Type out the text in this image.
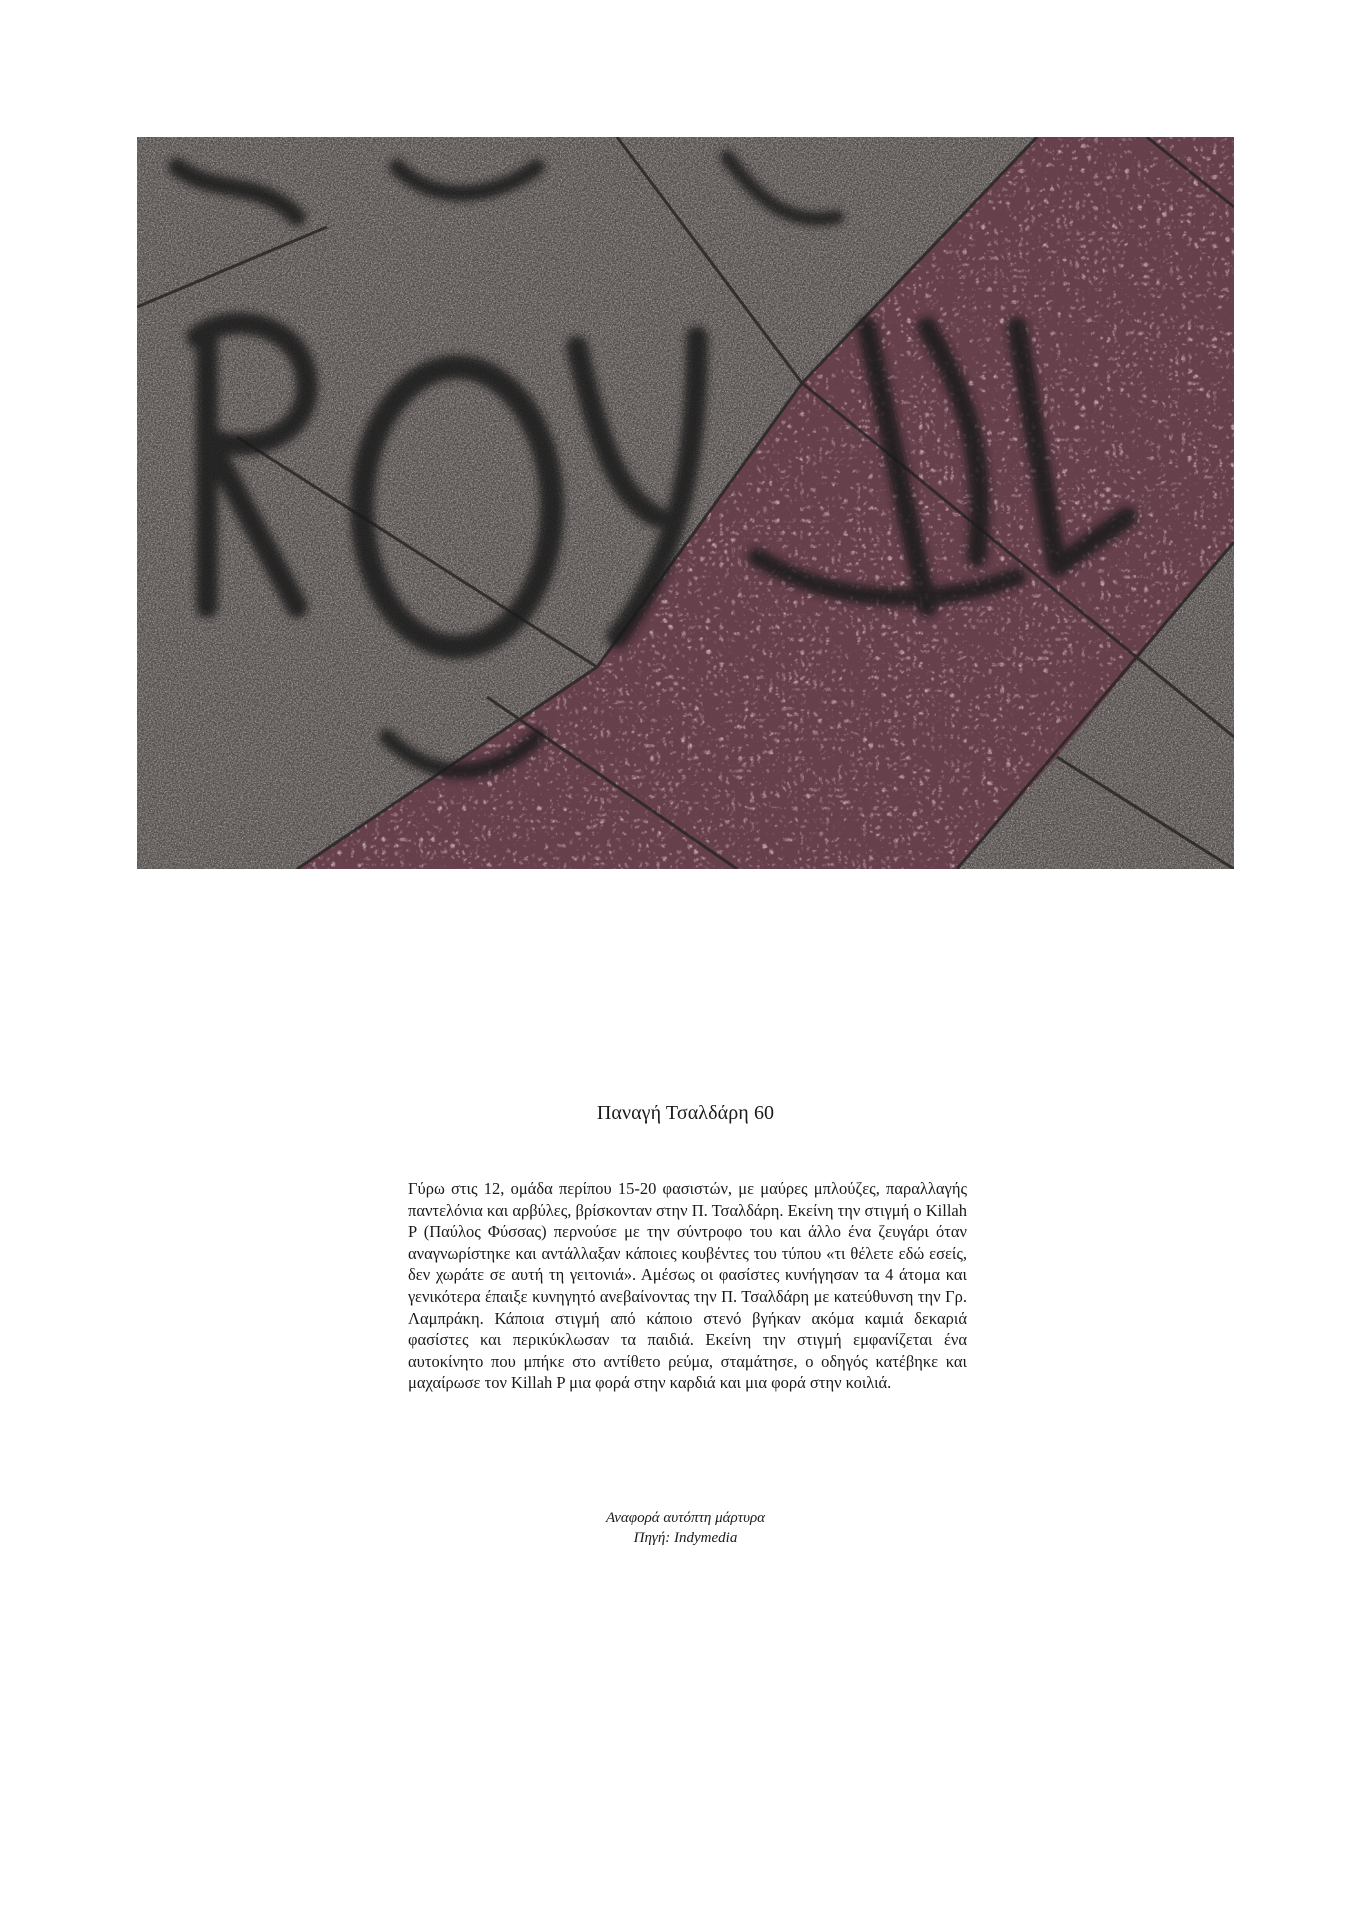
Παναγή Τσαλδάρη 60
Γύρω στις 12, ομάδα περίπου 15-20 φασιστών, με μαύρες μπλούζες, παραλλαγής παντελόνια και αρβύλες, βρίσκονταν στην Π. Τσαλδάρη. Εκείνη την στιγμή ο Killah P (Παύλος Φύσσας) περνούσε με την σύντροφο του και άλλο ένα ζευγάρι όταν αναγνωρίστηκε και αντάλλαξαν κάποιες κουβέντες του τύπου «τι θέλετε εδώ εσείς, δεν χωράτε σε αυτή τη γειτονιά». Αμέσως οι φασίστες κυνήγησαν τα 4 άτομα και γενικότερα έπαιξε κυνηγητό ανεβαίνοντας την Π. Τσαλδάρη με κατεύθυνση την Γρ. Λαμπράκη. Κάποια στιγμή από κάποιο στενό βγήκαν ακόμα καμιά δεκαριά φασίστες και περικύκλωσαν τα παιδιά. Εκείνη την στιγμή εμφανίζεται ένα αυτοκίνητο που μπήκε στο αντίθετο ρεύμα, σταμάτησε, ο οδηγός κατέβηκε και μαχαίρωσε τον Killah P μια φορά στην καρδιά και μια φορά στην κοιλιά.
Αναφορά αυτόπτη μάρτυρα
Πηγή: Indymedia
